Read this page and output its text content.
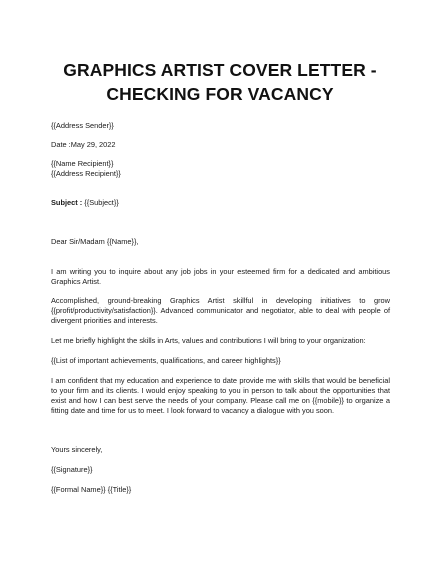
GRAPHICS ARTIST COVER LETTER -
CHECKING FOR VACANCY
{{Address Sender}}
Date :May 29, 2022
{{Name Recipient}}
{{Address Recipient}}
Subject : {{Subject}}
Dear Sir/Madam {{Name}},
I am writing you to inquire about any job jobs in your esteemed firm for a dedicated and ambitious Graphics Artist.
Accomplished, ground-breaking Graphics Artist skillful in developing initiatives to grow {{profit/productivity/satisfaction}}. Advanced communicator and negotiator, able to deal with people of divergent priorities and interests.
Let me briefly highlight the skills in Arts, values and contributions I will bring to your organization:
{{List of important achievements, qualifications, and career highlights}}
I am confident that my education and experience to date provide me with skills that would be beneficial to your firm and its clients. I would enjoy speaking to you in person to talk about the opportunities that exist and how I can best serve the needs of your company. Please call me on {{mobile}} to organize a fitting date and time for us to meet. I look forward to vacancy a dialogue with you soon.
Yours sincerely,
{{Signature}}
{{Formal Name}} {{Title}}
